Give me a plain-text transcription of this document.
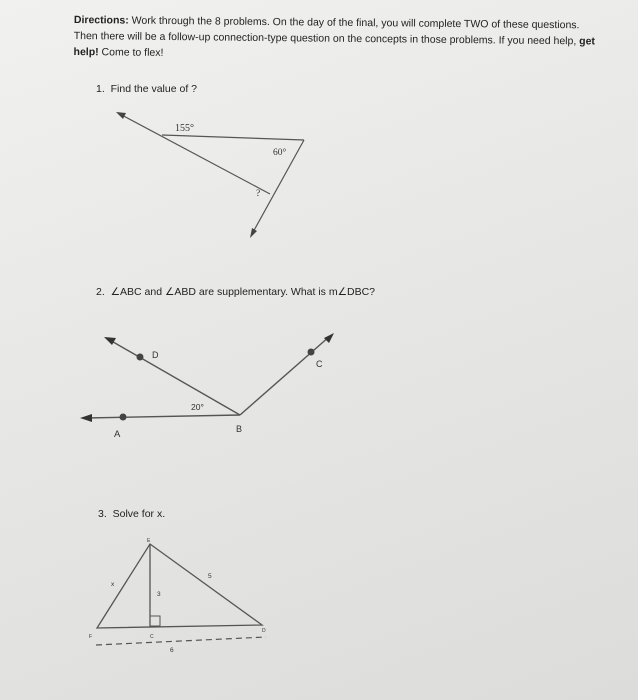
Directions: Work through the 8 problems. On the day of the final, you will complete TWO of these questions. Then there will be a follow-up connection-type question on the concepts in those problems. If you need help, get help! Come to flex!
1. Find the value of ?
155°
60°
?
D
20°
A	B
C
E
x
3
5
F	C
D
6
2. ∠ABC and ∠ABD are supplementary. What is m∠DBC?
3. Solve for x.
